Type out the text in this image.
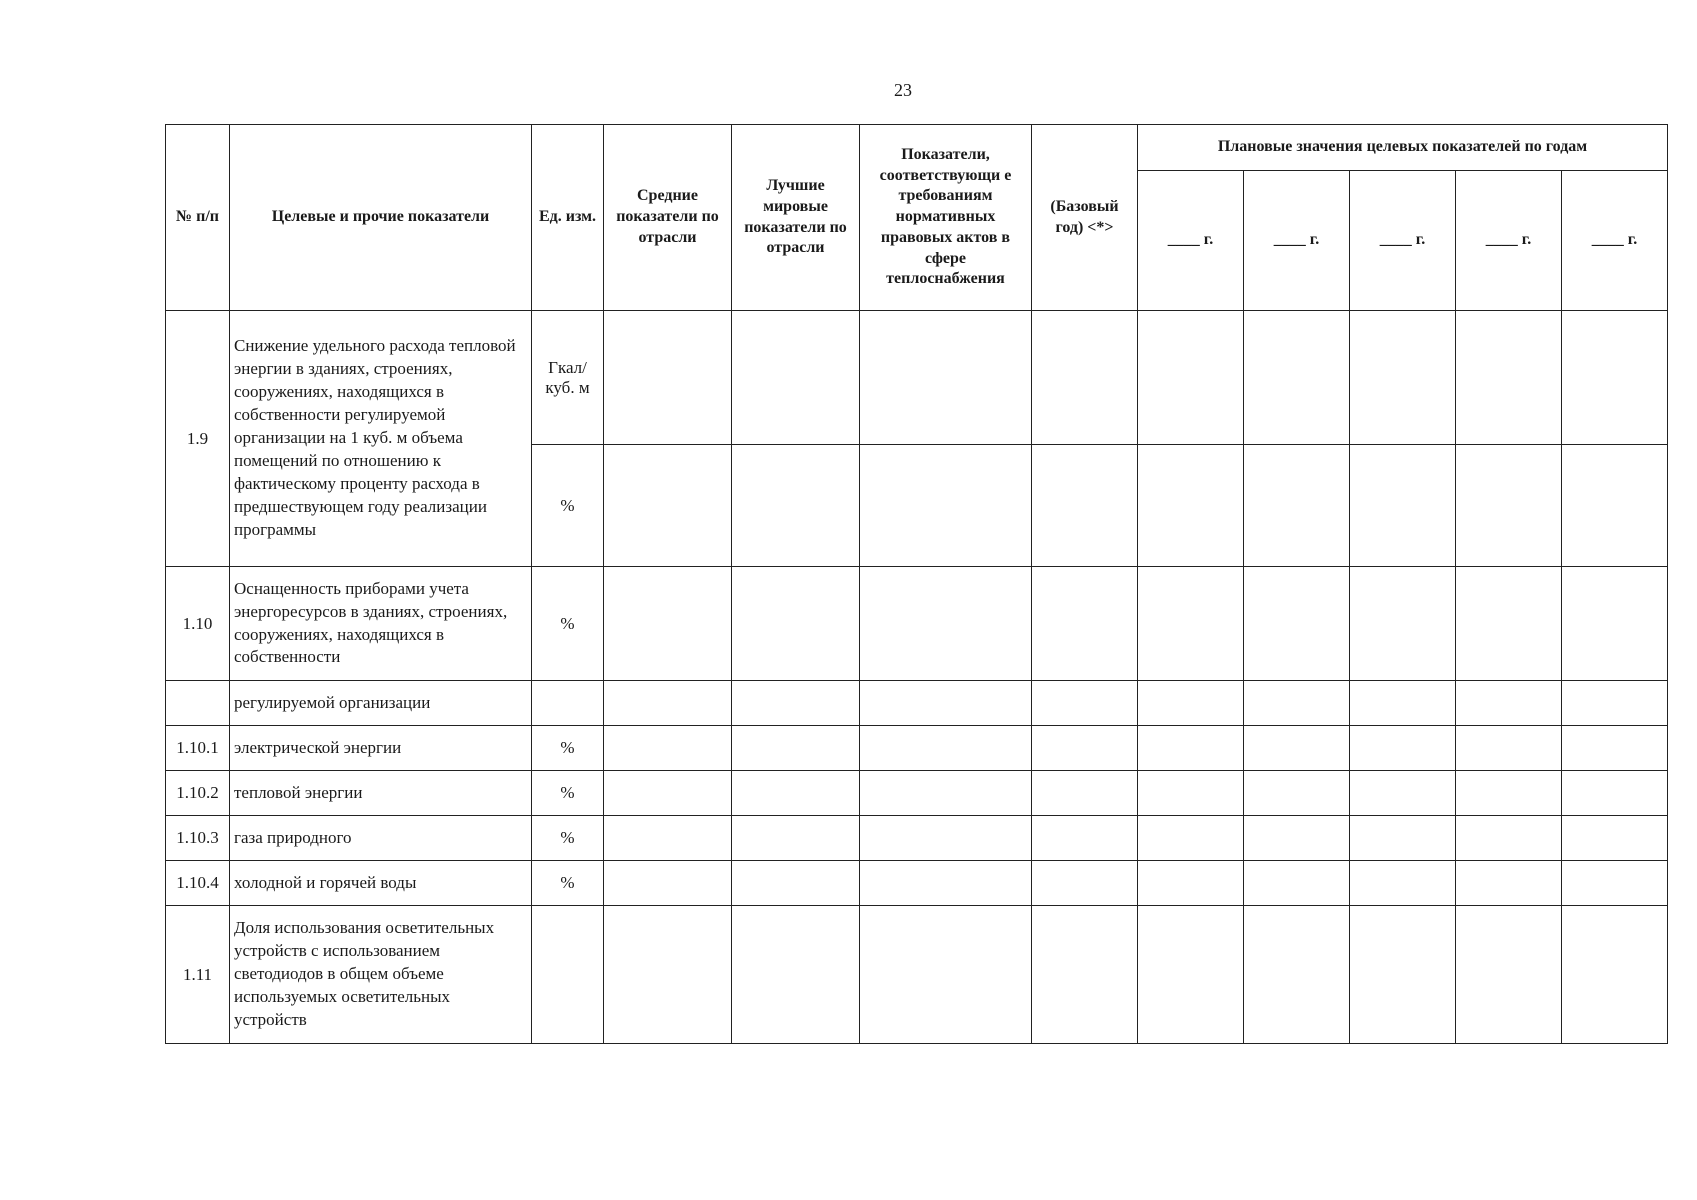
23
№ п/п	Целевые и прочие показатели	Ед. изм.	Средние показатели по отрасли	Лучшие мировые показатели по отрасли	Показатели, соответствующи е требованиям нормативных правовых актов в сфере теплоснабжения	(Базовый год) <*>	Плановые значения целевых показателей по годам				
							____ г.	____ г.	____ г.	____ г.	____ г.
1.9	Снижение удельного расхода тепловой энергии в зданиях, строениях, сооружениях, находящихся в собственности регулируемой организации на 1 куб. м объема помещений по отношению к фактическому проценту расхода в предшествующем году реализации программы	Гкал/ куб. м									
		%									
1.10	Оснащенность приборами учета энергоресурсов в зданиях, строениях, сооружениях, находящихся в собственности	%									
	регулируемой организации										
1.10.1	электрической энергии	%									
1.10.2	тепловой энергии	%									
1.10.3	газа природного	%									
1.10.4	холодной и горячей воды	%									
1.11	Доля использования осветительных устройств с использованием светодиодов в общем объеме используемых осветительных устройств										
